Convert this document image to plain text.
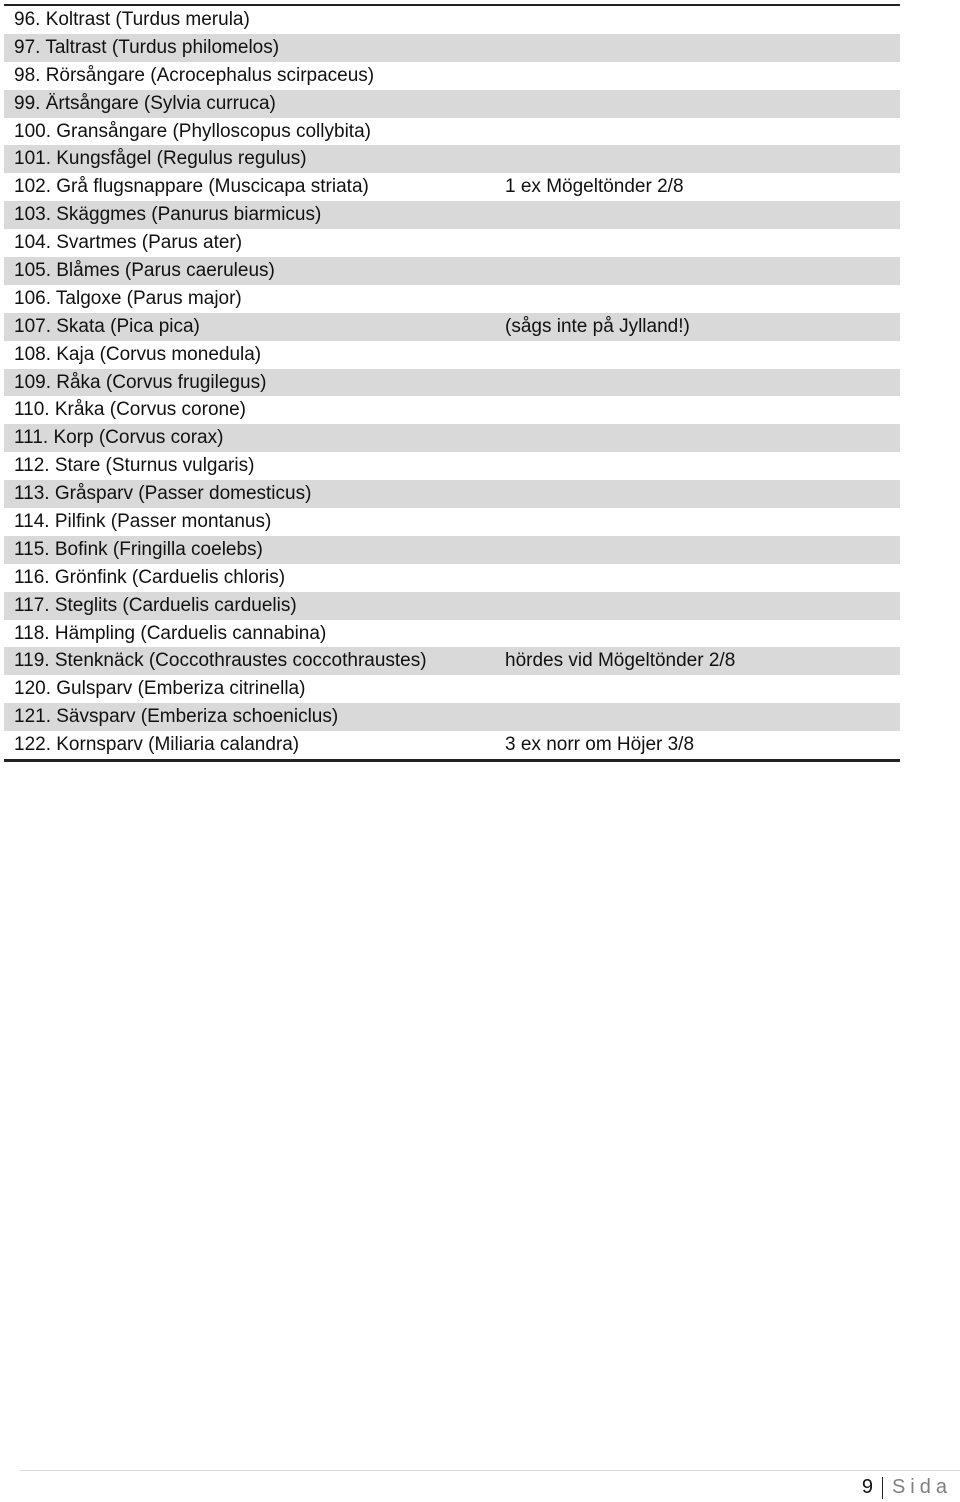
96. Koltrast (Turdus merula)
97. Taltrast (Turdus philomelos)
98. Rörsångare (Acrocephalus scirpaceus)
99. Ärtsångare (Sylvia curruca)
100. Gransångare (Phylloscopus collybita)
101. Kungsfågel (Regulus regulus)
102. Grå flugsnappare (Muscicapa striata)	1 ex Mögeltönder 2/8
103. Skäggmes (Panurus biarmicus)
104. Svartmes (Parus ater)
105. Blåmes (Parus caeruleus)
106. Talgoxe (Parus major)
107. Skata (Pica pica)	(sågs inte på Jylland!)
108. Kaja (Corvus monedula)
109. Råka (Corvus frugilegus)
110. Kråka (Corvus corone)
111. Korp (Corvus corax)
112. Stare (Sturnus vulgaris)
113. Gråsparv (Passer domesticus)
114. Pilfink (Passer montanus)
115. Bofink (Fringilla coelebs)
116. Grönfink (Carduelis chloris)
117. Steglits (Carduelis carduelis)
118. Hämpling (Carduelis cannabina)
119. Stenknäck (Coccothraustes coccothraustes)	hördes vid Mögeltönder 2/8
120. Gulsparv (Emberiza citrinella)
121. Sävsparv (Emberiza schoeniclus)
122. Kornsparv (Miliaria calandra)	3 ex norr om Höjer 3/8
9 Sida
